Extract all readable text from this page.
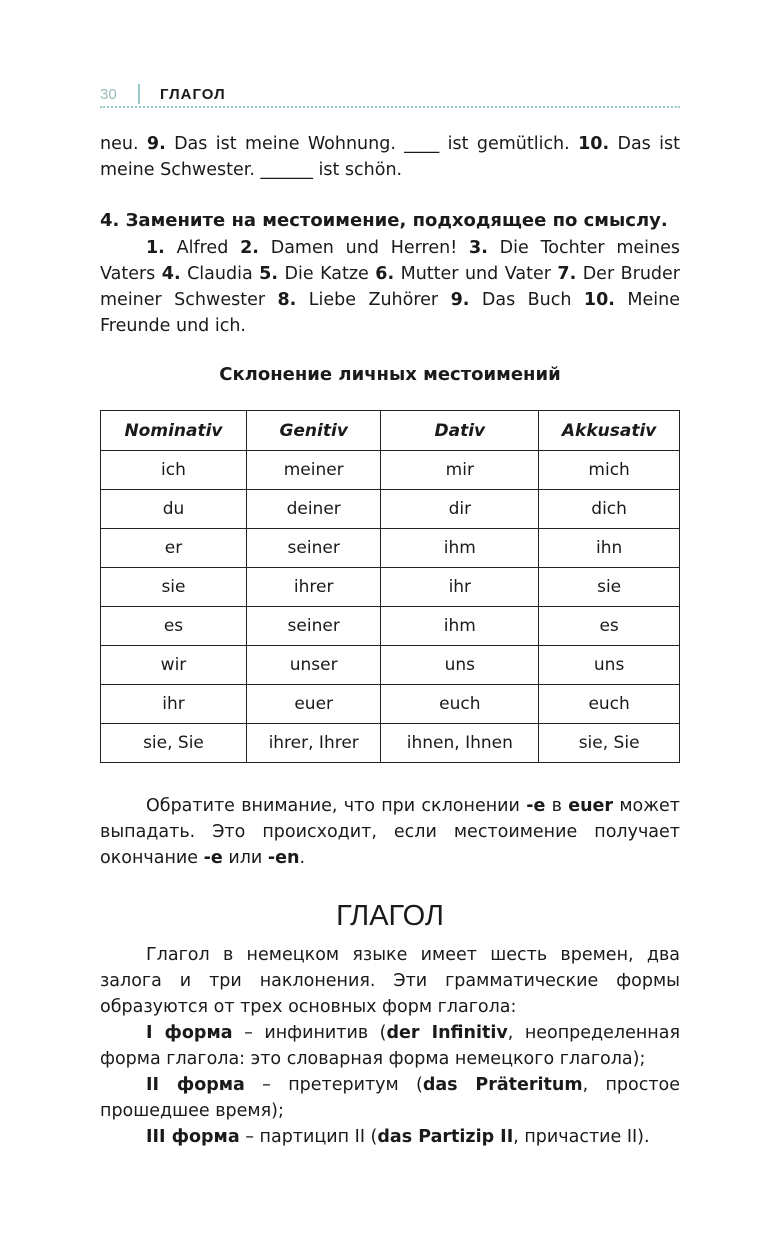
30	ГЛАГОЛ
neu. 9. Das ist meine Wohnung. ____ ist gemütlich. 10. Das ist meine Schwester. ______ ist schön.
4. Замените на местоимение, подходящее по смыслу.
1. Alfred 2. Damen und Herren! 3. Die Tochter meines Vaters 4. Claudia 5. Die Katze 6. Mutter und Vater 7. Der Bruder meiner Schwester 8. Liebe Zuhörer 9. Das Buch 10. Meine Freunde und ich.
Склонение личных местоимений
Nominativ	Genitiv	Dativ	Akkusativ
ich	meiner	mir	mich
du	deiner	dir	dich
er	seiner	ihm	ihn
sie	ihrer	ihr	sie
es	seiner	ihm	es
wir	unser	uns	uns
ihr	euer	euch	euch
sie, Sie	ihrer, Ihrer	ihnen, Ihnen	sie, Sie
Обратите внимание, что при склонении -e в euer может выпадать. Это происходит, если местоимение получает окончание -e или -en.
ГЛАГОЛ

Глагол в немецком языке имеет шесть времен, два залога и три наклонения. Эти грамматические формы образуются от трех основных форм глагола:

I форма – инфинитив (der Infinitiv, неопределенная форма глагола: это словарная форма немецкого глагола);

II форма – претеритум (das Präteritum, простое прошедшее время);

III форма – партицип II (das Partizip II, причастие II).
